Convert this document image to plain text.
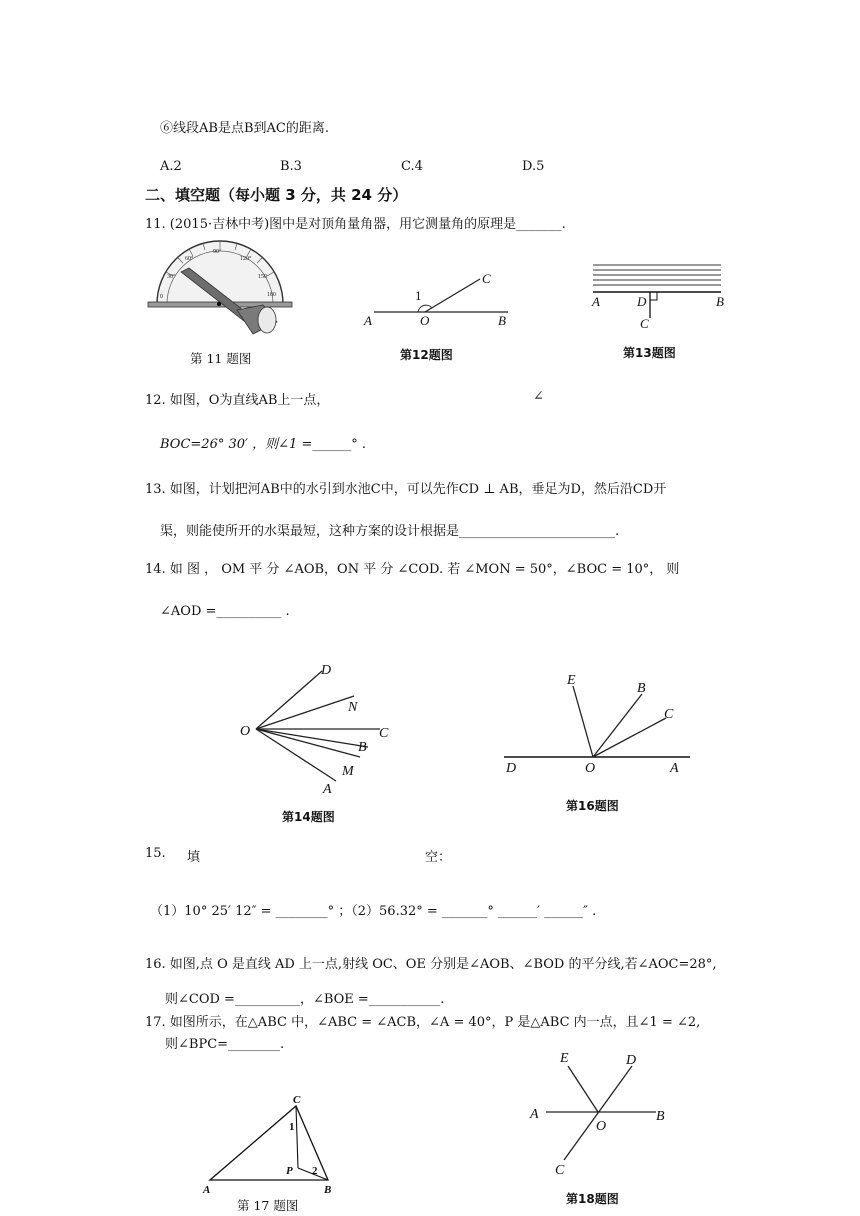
⑥线段AB是点B到AC的距离.
A.2	B.3	C.4	D.5
二、填空题（每小题 3 分，共 24 分）
11. (2015·吉林中考)图中是对顶角量角器，用它测量角的原理是_______.
0
30°
60°
90°
120°
150
180
第 11 题图
A	O	B
C
1
第12题图
A	D	B
C
第13题图
12. 如图，O为直线AB上一点，	∠
BOC=26° 30′ ，则∠1 =______° .
13. 如图，计划把河AB中的水引到水池C中，可以先作CD ⊥ AB，垂足为D，然后沿CD开
渠，则能使所开的水渠最短，这种方案的设计根据是________________________.
14. 如 图 ， OM 平 分 ∠AOB，ON 平 分 ∠COD. 若 ∠MON = 50°，∠BOC = 10°， 则
∠AOD =__________ .
O
D
N
C
B
M
A
第14题图
E
B
C
D	O	A
第16题图
15. 填	空：
（1）10° 25′ 12″ = ________° ；（2）56.32° = _______° ______′ ______″ .
16. 如图,点 O 是直线 AD 上一点,射线 OC、OE 分别是∠AOB、∠BOD 的平分线,若∠AOC=28°,
则∠COD =__________，∠BOE =___________.
17. 如图所示，在△ABC 中，∠ABC = ∠ACB，∠A = 40°，P 是△ABC 内一点，且∠1 = ∠2,
则∠BPC=________.
C
1
P 2
A	B
第 17 题图
E	D
A
O
B
C
第18题图
